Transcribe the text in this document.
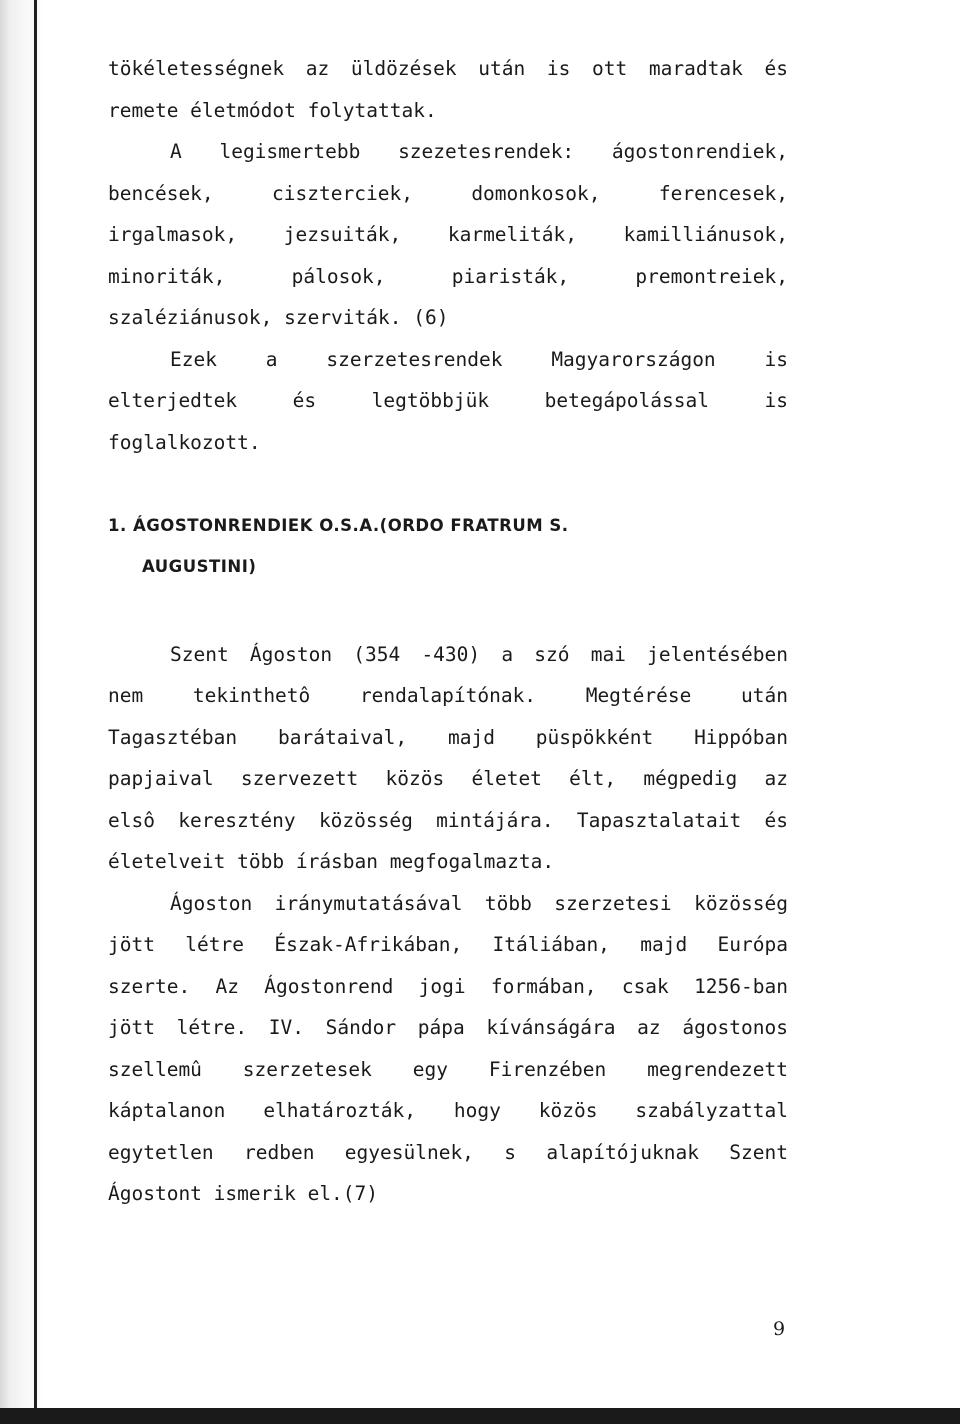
tökéletességnek az üldözések után is ott maradtak és

remete életmódot folytattak.

A legismertebb szezetesrendek: ágostonrendiek,

bencések, ciszterciek, domonkosok, ferencesek,

irgalmasok, jezsuiták, karmeliták, kamilliánusok,

minoriták, pálosok, piaristák, premontreiek,

szaléziánusok, szerviták. (6)

Ezek a szerzetesrendek Magyarországon is

elterjedtek és legtöbbjük betegápolással is

foglalkozott.

1. ÁGOSTONRENDIEK O.S.A.(ORDO FRATRUM S.
AUGUSTINI)

Szent Ágoston (354 -430) a szó mai jelentésében

nem tekinthetô rendalapítónak. Megtérése után

Tagasztéban barátaival, majd püspökként Hippóban

papjaival szervezett közös életet élt, mégpedig az

elsô keresztény közösség mintájára. Tapasztalatait és

életelveit több írásban megfogalmazta.

Ágoston iránymutatásával több szerzetesi közösség

jött létre Észak-Afrikában, Itáliában, majd Európa

szerte. Az Ágostonrend jogi formában, csak 1256-ban

jött létre. IV. Sándor pápa kívánságára az ágostonos

szellemû szerzetesek egy Firenzében megrendezett

káptalanon elhatározták, hogy közös szabályzattal

egytetlen redben egyesülnek, s alapítójuknak Szent

Ágostont ismerik el.(7)

9
